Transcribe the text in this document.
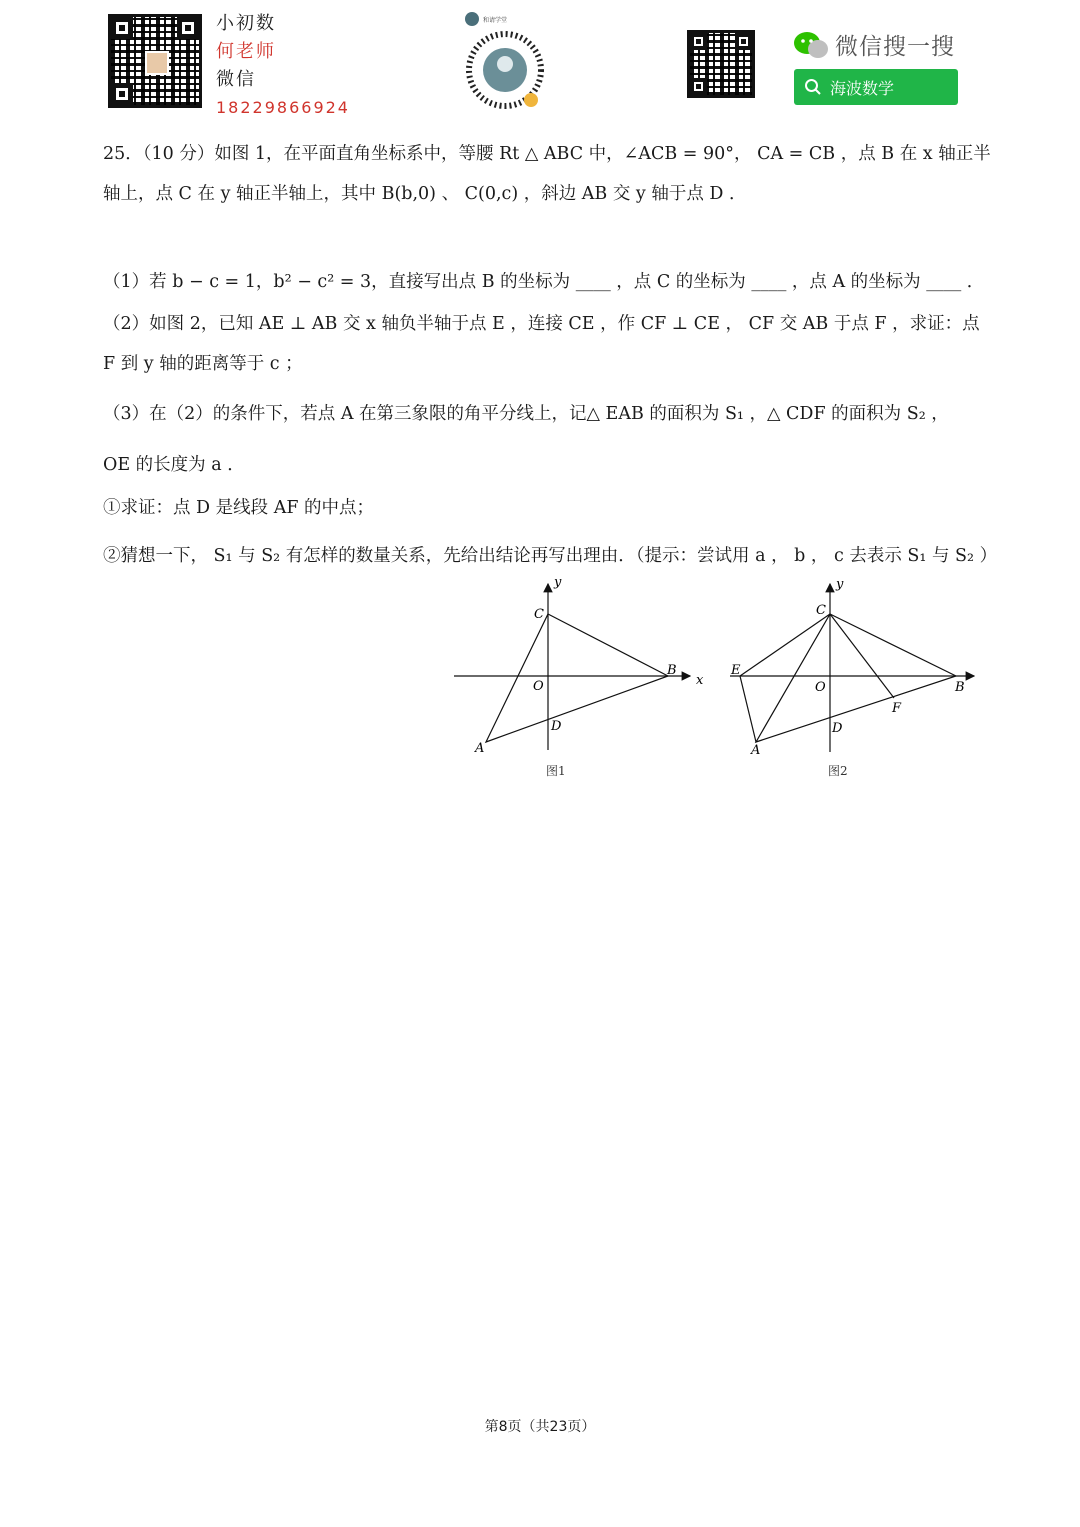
小初数
何老师
微信
18229866924
和请学堂
微信搜一搜
海波数学
25．（10 分）如图 1，在平面直角坐标系中，等腰 Rt △ ABC 中，∠ACB = 90°， CA = CB ，点 B 在 x 轴正半
轴上，点 C 在 y 轴正半轴上，其中 B(b,0) 、 C(0,c) ，斜边 AB 交 y 轴于点 D ．
（1）若 b − c = 1，b² − c² = 3，直接写出点 B 的坐标为 ____ ，点 C 的坐标为 ____ ，点 A 的坐标为 ____ ．
（2）如图 2，已知 AE ⊥ AB 交 x 轴负半轴于点 E ，连接 CE ，作 CF ⊥ CE ， CF 交 AB 于点 F ，求证：点
F 到 y 轴的距离等于 c ；
（3）在（2）的条件下，若点 A 在第三象限的角平分线上，记△ EAB 的面积为 S₁ ，△ CDF 的面积为 S₂ ，
OE 的长度为 a ．
①求证：点 D 是线段 AF 的中点；
②猜想一下， S₁ 与 S₂ 有怎样的数量关系，先给出结论再写出理由．（提示：尝试用 a ， b ， c 去表示 S₁ 与 S₂ ）
y
C
B
x
O
D
A
图1
y
C
E
B
O
F
D
A
图2
第8页（共23页）
